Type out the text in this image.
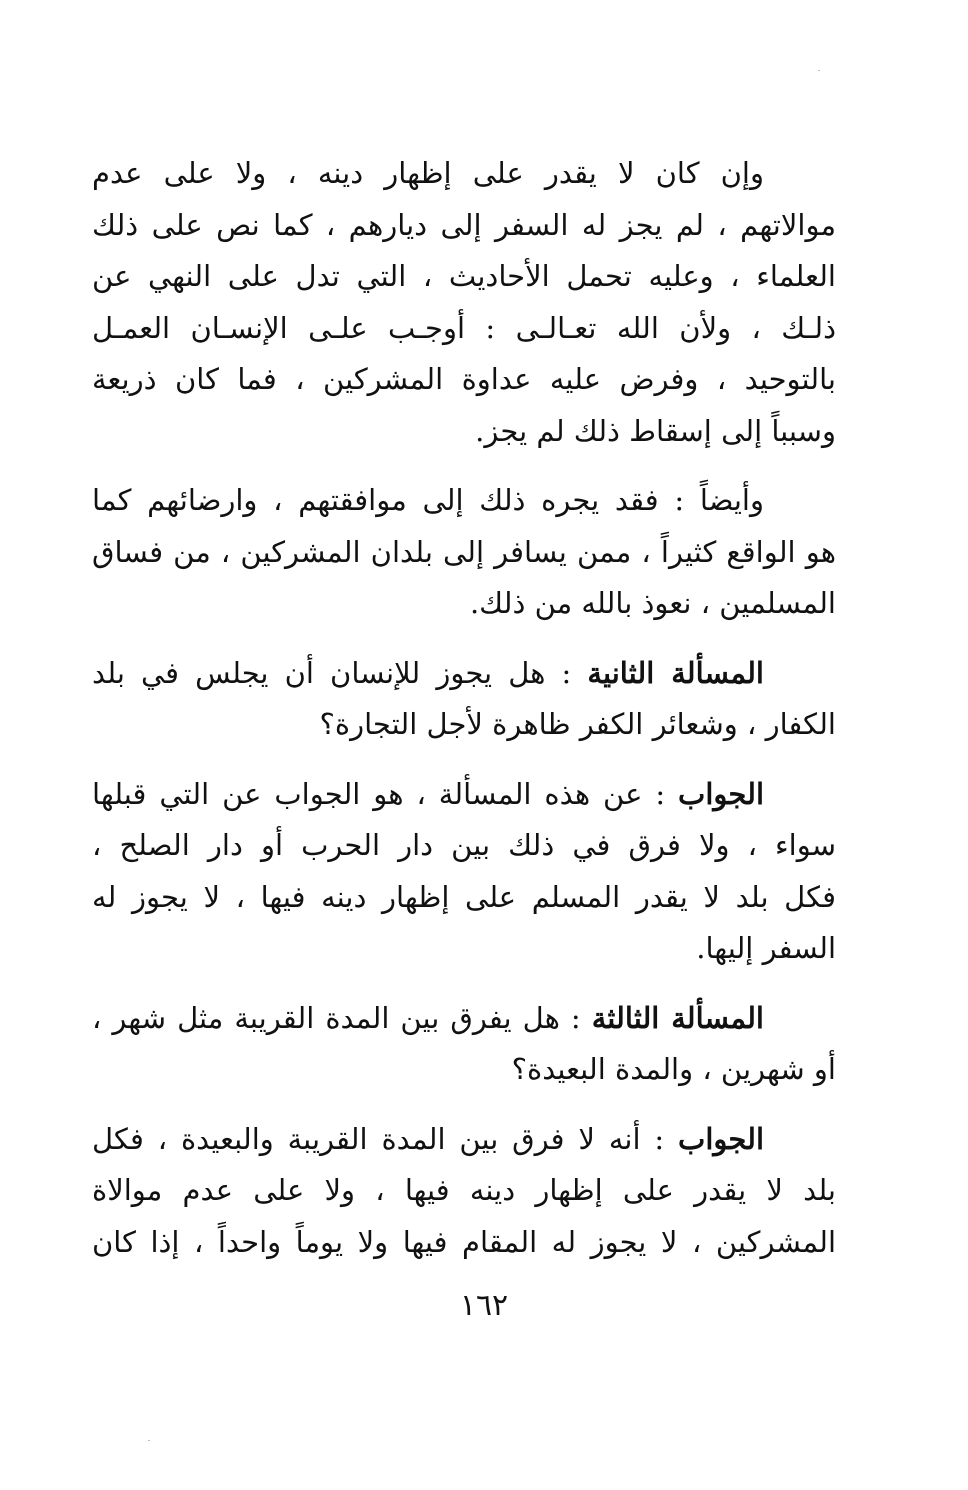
وإن كان لا يقدر على إظهار دينه ، ولا على عدم
موالاتهم ، لم يجز له السفر إلى ديارهم ، كما نص على ذلك
العلماء ، وعليه تحمل الأحاديث ، التي تدل على النهي عن
ذلـك ، ولأن الله تعـالـى : أوجـب علـى الإنسـان العمـل
بالتوحيد ، وفرض عليه عداوة المشركين ، فما كان ذريعة
وسبباً إلى إسقاط ذلك لم يجز.

وأيضاً : فقد يجره ذلك إلى موافقتهم ، وارضائهم كما
هو الواقع كثيراً ، ممن يسافر إلى بلدان المشركين ، من فساق
المسلمين ، نعوذ بالله من ذلك.

المسألة الثانية : هل يجوز للإنسان أن يجلس في بلد
الكفار ، وشعائر الكفر ظاهرة لأجل التجارة؟

الجواب : عن هذه المسألة ، هو الجواب عن التي قبلها
سواء ، ولا فرق في ذلك بين دار الحرب أو دار الصلح ،
فكل بلد لا يقدر المسلم على إظهار دينه فيها ، لا يجوز له
السفر إليها.

المسألة الثالثة : هل يفرق بين المدة القريبة مثل شهر ،
أو شهرين ، والمدة البعيدة؟

الجواب : أنه لا فرق بين المدة القريبة والبعيدة ، فكل
بلد لا يقدر على إظهار دينه فيها ، ولا على عدم موالاة
المشركين ، لا يجوز له المقام فيها ولا يوماً واحداً ، إذا كان

١٦٢
